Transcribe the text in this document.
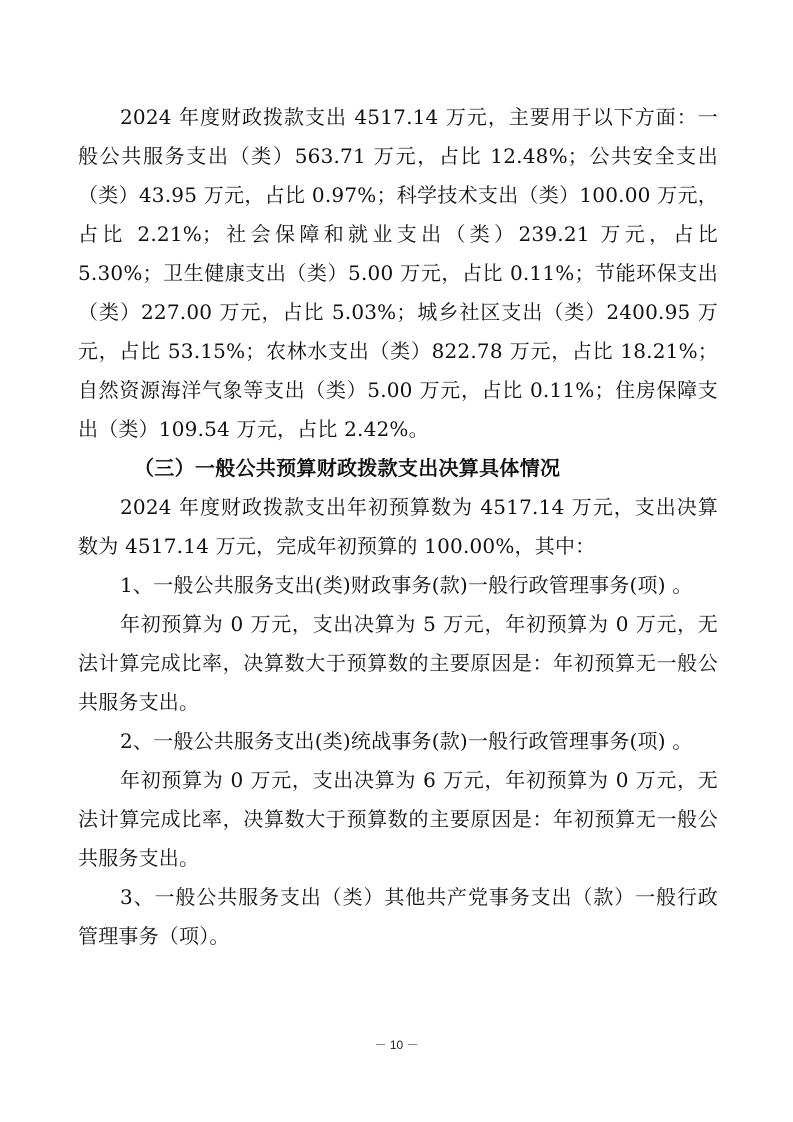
2024 年度财政拨款支出 4517.14 万元，主要用于以下方面：一般公共服务支出（类）563.71 万元，占比 12.48%；公共安全支出（类）43.95 万元，占比 0.97%；科学技术支出（类）100.00 万元，占比 2.21%；社会保障和就业支出（类）239.21 万元，占比 5.30%；卫生健康支出（类）5.00 万元，占比 0.11%；节能环保支出（类）227.00 万元，占比 5.03%；城乡社区支出（类）2400.95 万元，占比 53.15%；农林水支出（类）822.78 万元，占比 18.21%；自然资源海洋气象等支出（类）5.00 万元，占比 0.11%；住房保障支出（类）109.54 万元，占比 2.42%。

（三）一般公共预算财政拨款支出决算具体情况

2024 年度财政拨款支出年初预算数为 4517.14 万元，支出决算数为 4517.14 万元，完成年初预算的 100.00%，其中：

1、一般公共服务支出(类)财政事务(款)一般行政管理事务(项) 。

年初预算为 0 万元，支出决算为 5 万元，年初预算为 0 万元，无法计算完成比率，决算数大于预算数的主要原因是：年初预算无一般公共服务支出。

2、一般公共服务支出(类)统战事务(款)一般行政管理事务(项) 。

年初预算为 0 万元，支出决算为 6 万元，年初预算为 0 万元，无法计算完成比率，决算数大于预算数的主要原因是：年初预算无一般公共服务支出。

3、一般公共服务支出（类）其他共产党事务支出（款）一般行政管理事务（项）。

－ 10 －
